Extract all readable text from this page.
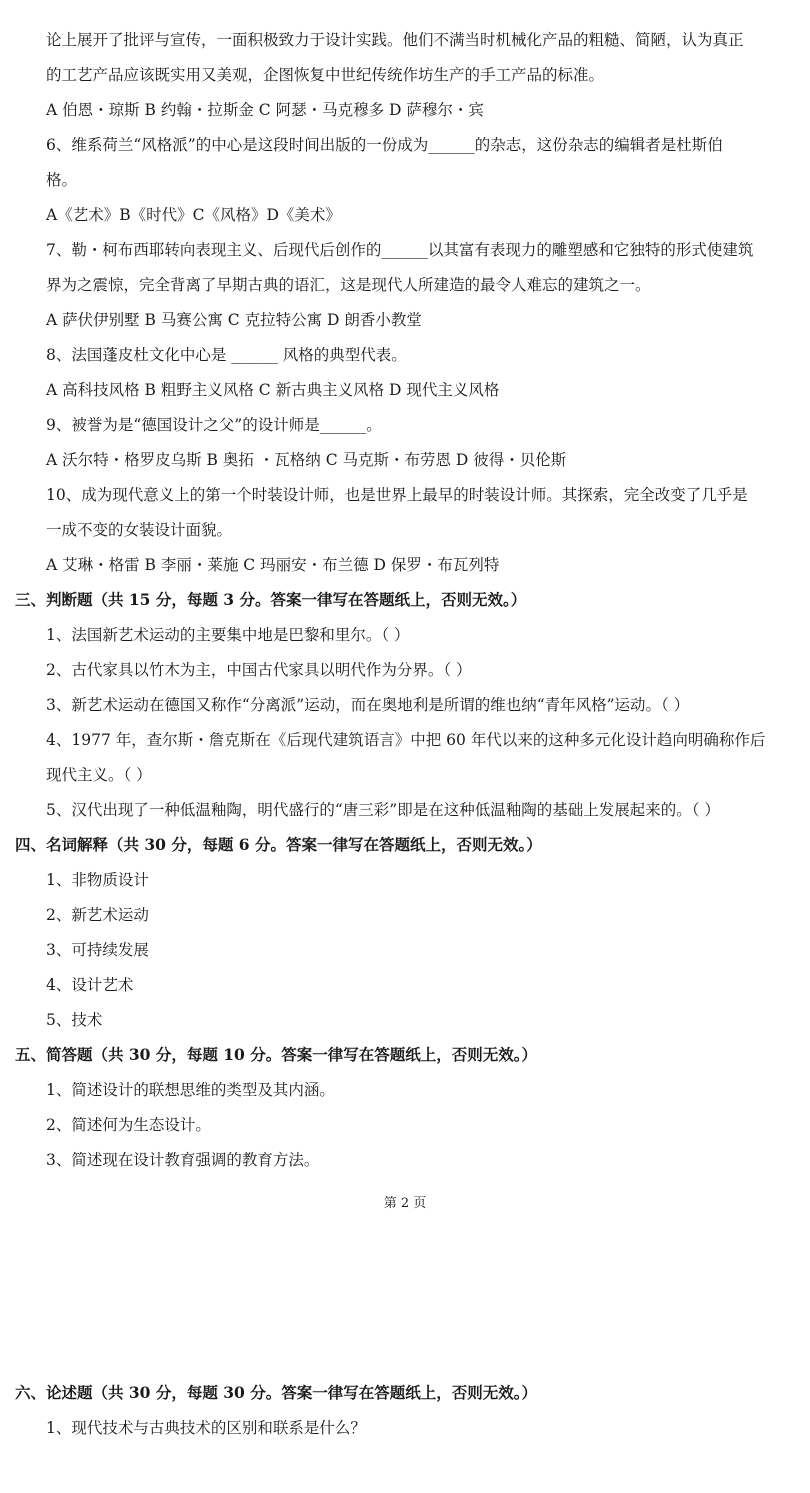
论上展开了批评与宣传，一面积极致力于设计实践。他们不满当时机械化产品的粗糙、简陋，认为真正
的工艺产品应该既实用又美观，企图恢复中世纪传统作坊生产的手工产品的标准。
A 伯恩・琼斯 B 约翰・拉斯金 C 阿瑟・马克穆多 D 萨穆尔・宾
6、维系荷兰“风格派”的中心是这段时间出版的一份成为______的杂志，这份杂志的编辑者是杜斯伯
格。
A《艺术》B《时代》C《风格》D《美术》
7、勒・柯布西耶转向表现主义、后现代后创作的______以其富有表现力的雕塑感和它独特的形式使建筑
界为之震惊，完全背离了早期古典的语汇，这是现代人所建造的最令人难忘的建筑之一。
A 萨伏伊别墅 B 马赛公寓 C 克拉特公寓 D 朗香小教堂
8、法国蓬皮杜文化中心是 ______ 风格的典型代表。
A 高科技风格 B 粗野主义风格 C 新古典主义风格 D 现代主义风格
9、被誉为是“德国设计之父”的设计师是______。
A 沃尔特・格罗皮乌斯 B 奥拓 ・瓦格纳 C 马克斯・布劳恩 D 彼得・贝伦斯
10、成为现代意义上的第一个时装设计师，也是世界上最早的时装设计师。其探索，完全改变了几乎是
一成不变的女装设计面貌。
A 艾琳・格雷 B 李丽・莱施 C 玛丽安・布兰德 D 保罗・布瓦列特
三、判断题（共 15 分，每题 3 分。答案一律写在答题纸上，否则无效。）
1、法国新艺术运动的主要集中地是巴黎和里尔。（ ）
2、古代家具以竹木为主，中国古代家具以明代作为分界。（ ）
3、新艺术运动在德国又称作“分离派”运动，而在奥地利是所谓的维也纳“青年风格”运动。（ ）
4、1977 年，查尔斯・詹克斯在《后现代建筑语言》中把 60 年代以来的这种多元化设计趋向明确称作后
现代主义。（ ）
5、汉代出现了一种低温釉陶，明代盛行的“唐三彩”即是在这种低温釉陶的基础上发展起来的。（ ）
四、名词解释（共 30 分，每题 6 分。答案一律写在答题纸上，否则无效。）
1、非物质设计
2、新艺术运动
3、可持续发展
4、设计艺术
5、技术
五、简答题（共 30 分，每题 10 分。答案一律写在答题纸上，否则无效。）
1、简述设计的联想思维的类型及其内涵。
2、简述何为生态设计。
3、简述现在设计教育强调的教育方法。
第 2 页
六、论述题（共 30 分，每题 30 分。答案一律写在答题纸上，否则无效。）
1、现代技术与古典技术的区别和联系是什么？
